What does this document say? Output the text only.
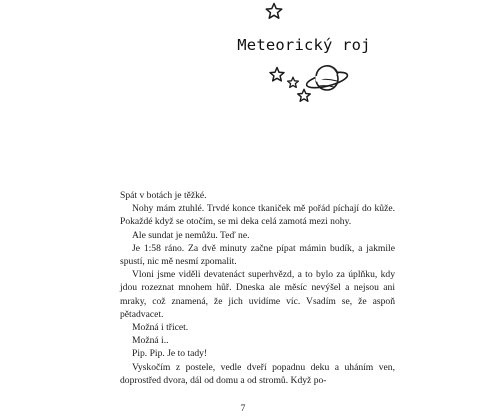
Meteorický roj

Spát v botách je těžké.

Nohy mám ztuhlé. Trvdé konce tkaniček mě pořád píchají do kůže. Pokaždé když se otočím, se mi deka celá zamotá mezi nohy.

Ale sundat je nemůžu. Teď ne.

Je 1:58 ráno. Za dvě minuty začne pípat mámin budík, a jakmile spustí, nic mě nesmí zpomalit.

Vloni jsme viděli devatenáct superhvězd, a to bylo za úplňku, kdy jdou rozeznat mnohem hůř. Dneska ale měsíc nevýšel a nejsou ani mraky, což znamená, že jich uvidíme víc. Vsadím se, že aspoň pětadvacet.

Možná i třicet.

Možná i..

Pip. Pip. Je to tady!

Vyskočím z postele, vedle dveří popadnu deku a uháním ven, doprostřed dvora, dál od domu a od stromů. Když po-

7
